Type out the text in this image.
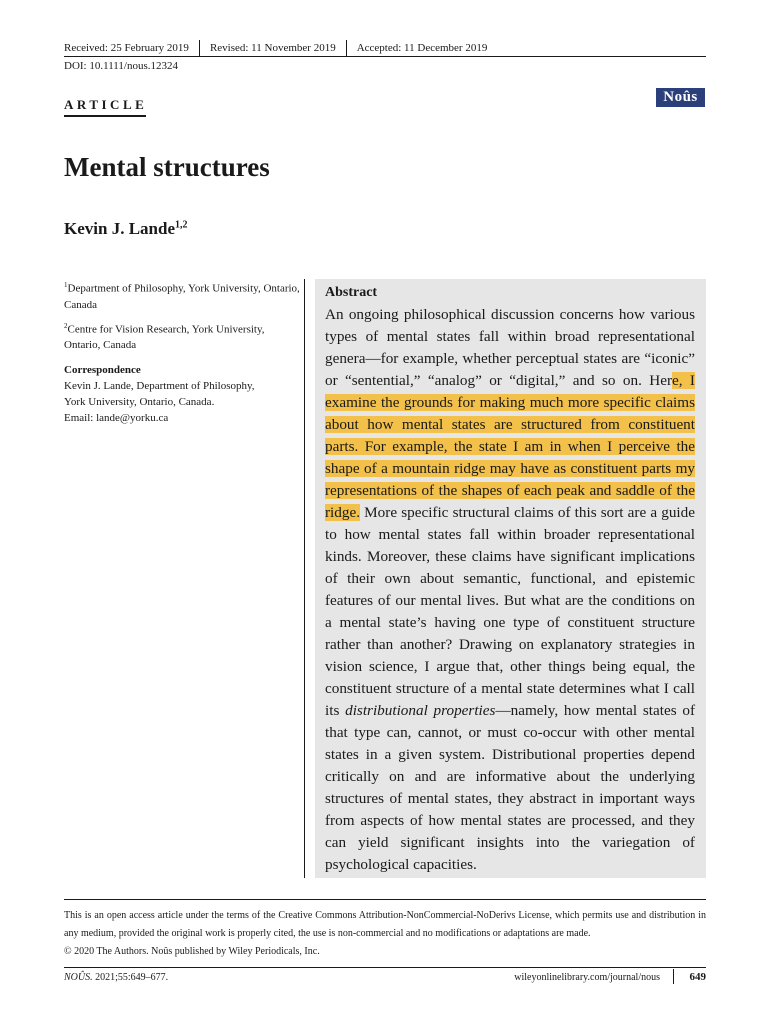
Received: 25 February 2019	Revised: 11 November 2019	Accepted: 11 December 2019
DOI: 10.1111/nous.12324
ARTICLE	Noûs
Mental structures
Kevin J. Lande$^{1,2}$

$^1$Department of Philosophy, York University, Ontario, Canada

$^2$Centre for Vision Research, York University, Ontario, Canada

Correspondence
Kevin J. Lande, Department of Philosophy,
York University, Ontario, Canada.
Email: lande@yorku.ca
Abstract

An ongoing philosophical discussion concerns how various types of mental states fall within broad representational genera—for example, whether perceptual states are “iconic” or “sentential,” “analog” or “digital,” and so on. Here, I examine the grounds for making much more specific claims about how mental states are structured from constituent parts. For example, the state I am in when I perceive the shape of a mountain ridge may have as constituent parts my representations of the shapes of each peak and saddle of the ridge. More specific structural claims of this sort are a guide to how mental states fall within broader representational kinds. Moreover, these claims have significant implications of their own about semantic, functional, and epistemic features of our mental lives. But what are the conditions on a mental state’s having one type of constituent structure rather than another? Drawing on explanatory strategies in vision science, I argue that, other things being equal, the constituent structure of a mental state determines what I call its distributional properties—namely, how mental states of that type can, cannot, or must co-occur with other mental states in a given system. Distributional properties depend critically on and are informative about the underlying structures of mental states, they abstract in important ways from aspects of how mental states are processed, and they can yield significant insights into the variegation of psychological capacities.

This is an open access article under the terms of the Creative Commons Attribution-NonCommercial-NoDerivs License, which permits use and distribution in any medium, provided the original work is properly cited, the use is non-commercial and no modifications or adaptations are made.

© 2020 The Authors. Noûs published by Wiley Periodicals, Inc.

NOÛS. 2021;55:649–677.	wileyonlinelibrary.com/journal/nous	649
